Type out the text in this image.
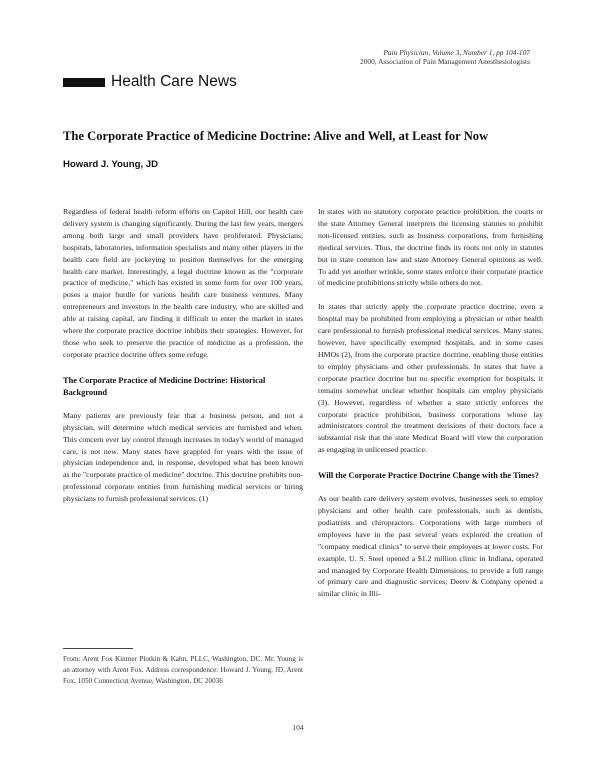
Pain Physician, Volume 3, Number 1, pp 104-107
2000, Association of Pain Management Anesthesiologists
Health Care News
The Corporate Practice of Medicine Doctrine: Alive and Well, at Least for Now
Howard J. Young, JD

Regardless of federal health reform efforts on Capitol Hill, our health care delivery system is changing significantly. During the last few years, mergers among both large and small providers have proliferated. Physicians, hospitals, laboratories, information specialists and many other players in the health care field are jockeying to position themselves for the emerging health care market. Interestingly, a legal doctrine known as the "corporate practice of medicine," which has existed in some form for over 100 years, poses a major hurdle for various health care business ventures. Many entrepreneurs and investors in the health care industry, who are skilled and able at raising capital, are finding it difficult to enter the market in states where the corporate practice doctrine inhibits their strategies. However, for those who seek to preserve the practice of medicine as a profession, the corporate practice doctrine offers some refuge.

The Corporate Practice of Medicine Doctrine: Historical Background

Many patients are previously fear that a business person, and not a physician, will determine which medical services are furnished and when. This concern ever lay control through increases in today's world of managed care, is not new. Many states have grappled for years with the issue of physician independence and, in response, developed what has been known as the "corporate practice of medicine" doctrine. This doctrine prohibits non-professional corporate entities from furnishing medical services or hiring physicians to furnish professional services. (1)

From: Arent Fox Kintner Plotkin & Kahn, PLLC, Washington, DC. Mr. Young is an attorney with Arent Fox. Address correspondence: Howard J. Young, JD, Arent Fox, 1050 Connecticut Avenue, Washington, DC 20036

In states with no statutory corporate practice prohibition, the courts or the state Attorney General interprets the licensing statutes to prohibit non-licensed entities, such as business corporations, from furnishing medical services. Thus, the doctrine finds its roots not only in statutes but in state common law and state Attorney General opinions as well. To add yet another wrinkle, some states enforce their corporate practice of medicine prohibitions strictly while others do not.

In states that strictly apply the corporate practice doctrine, even a hospital may be prohibited from employing a physician or other health care professional to furnish professional medical services. Many states, however, have specifically exempted hospitals, and in some cases HMOs (2), from the corporate practice doctrine, enabling those entities to employ physicians and other professionals. In states that have a corporate practice doctrine but no specific exemption for hospitals, it remains somewhat unclear whether hospitals can employ physicians (3). However, regardless of whether a state strictly enforces the corporate practice prohibition, business corporations whose lay administrators control the treatment decisions of their doctors face a substantial risk that the state Medical Board will view the corporation as engaging in unlicensed practice.

Will the Corporate Practice Doctrine Change with the Times?

As our health care delivery system evolves, businesses seek to employ physicians and other health care professionals, such as dentists, podiatrists and chiropractors. Corporations with large numbers of employees have in the past several years explored the creation of "company medical clinics" to serve their employees at lower costs. For example, U. S. Steel opened a $1.2 million clinic in Indiana, operated and managed by Corporate Health Dimensions, to provide a full range of primary care and diagnostic services; Deere & Company opened a similar clinic in Illi-

104
